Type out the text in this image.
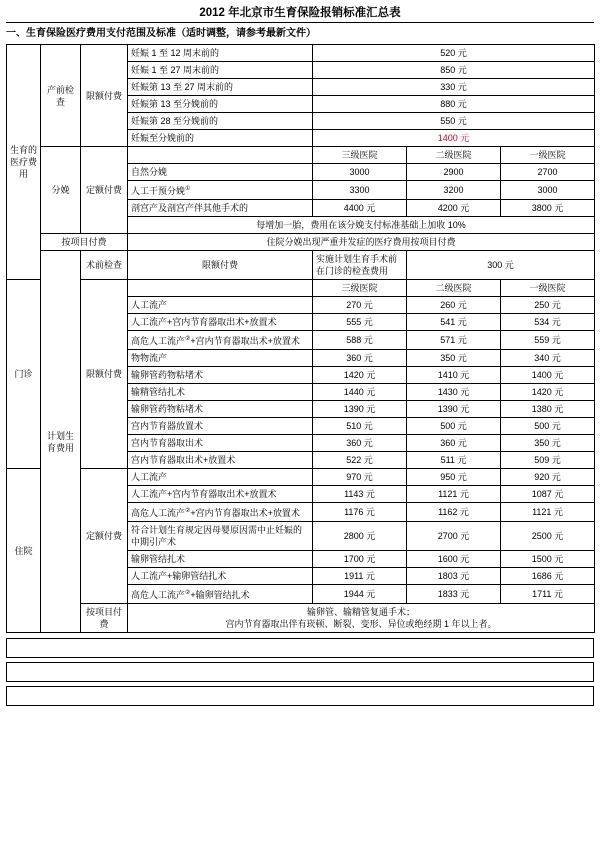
2012 年北京市生育保险报销标准汇总表
一、生育保险医疗费用支付范围及标准（适时调整，请参考最新文件）
生育的医疗费用	产前检查	限额付费	妊娠 1 至 12 周末前的	520 元		
			妊娠 1 至 27 周末前的	850 元		
			妊娠第 13 至 27 周末前的	330 元		
			妊娠第 13 至分娩前的	880 元		
			妊娠第 28 至分娩前的	550 元		
			妊娠至分娩前的	1400 元		
	分娩	定额付费		三级医院	二级医院	一级医院
			自然分娩	3000	2900	2700
			人工干预分娩①	3300	3200	3000
			剖宫产及剖宫产伴其他手术的	4400 元	4200 元	3800 元
			每增加一胎，费用在该分娩支付标准基础上加收 10%			
	按项目付费		住院分娩出现严重并发症的医疗费用按项目付费			
	计划生育费用	术前检查	限额付费	实施计划生育手术前在门诊的检查费用	300 元	
门诊		限额付费		三级医院	二级医院	一级医院
			人工流产	270 元	260 元	250 元
			人工流产+宫内节育器取出术+放置术	555 元	541 元	534 元
			高危人工流产②+宫内节育器取出术+放置术	588 元	571 元	559 元
			物物流产	360 元	350 元	340 元
			输卵管药物粘堵术	1420 元	1410 元	1400 元
			输精管结扎术	1440 元	1430 元	1420 元
			输卵管药物粘堵术	1390 元	1390 元	1380 元
			宫内节育器放置术	510 元	500 元	500 元
			宫内节育器取出术	360 元	360 元	350 元
			宫内节育器取出术+放置术	522 元	511 元	509 元
住院		定额付费	人工流产	970 元	950 元	920 元
			人工流产+宫内节育器取出术+放置术	1143 元	1121 元	1087 元
			高危人工流产②+宫内节育器取出术+放置术	1176 元	1162 元	1121 元
			符合计划生育规定因母婴原因需中止妊娠的中期引产术	2800 元	2700 元	2500 元
			输卵管结扎术	1700 元	1600 元	1500 元
			人工流产+输卵管结扎术	1911 元	1803 元	1686 元
			高危人工流产②+输卵管结扎术	1944 元	1833 元	1711 元
		按项目付费	输卵管、输精管复通手术；
宫内节育器取出伴有崁顿、断裂、变形、异位或绝经期 1 年以上者。			
